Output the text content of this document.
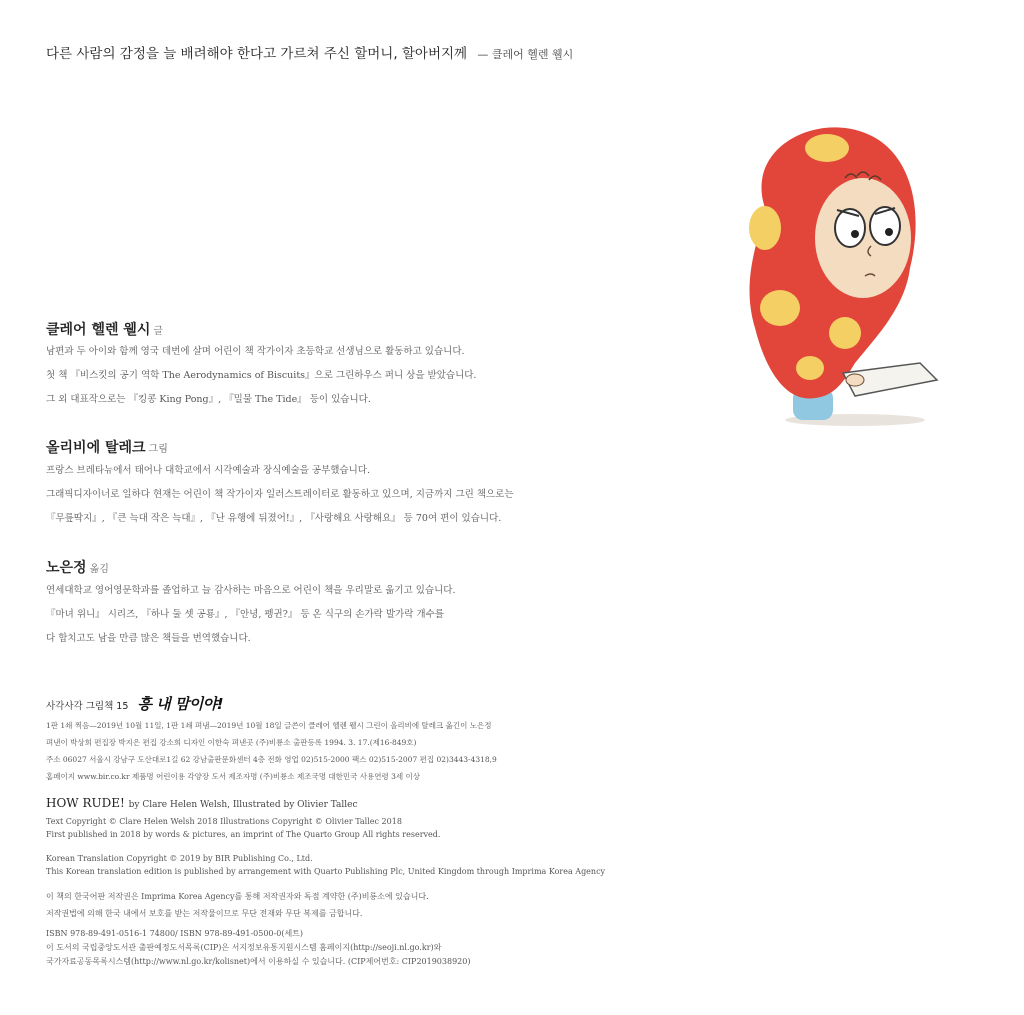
다른 사람의 감정을 늘 배려해야 한다고 가르쳐 주신 할머니, 할아버지께 — 클레어 헬렌 웰시
클레어 헬렌 웰시 글

남편과 두 아이와 함께 영국 데번에 살며 어린이 책 작가이자 초등학교 선생님으로 활동하고 있습니다.

첫 책 『비스킷의 공기 역학 The Aerodynamics of Biscuits』으로 그린하우스 퍼니 상을 받았습니다.

그 외 대표작으로는 『킹콩 King Pong』, 『밀물 The Tide』 등이 있습니다.

올리비에 탈레크 그림

프랑스 브레타뉴에서 태어나 대학교에서 시각예술과 장식예술을 공부했습니다.

그래픽디자이너로 일하다 현재는 어린이 책 작가이자 일러스트레이터로 활동하고 있으며, 지금까지 그린 책으로는

『무릎딱지』, 『큰 늑대 작은 늑대』, 『난 유행에 뒤졌어!』, 『사랑해요 사랑해요』 등 70여 편이 있습니다.

노은정 옮김

연세대학교 영어영문학과를 졸업하고 늘 감사하는 마음으로 어린이 책을 우리말로 옮기고 있습니다.

『마녀 위니』 시리즈, 『하나 둘 셋 공룡』, 『안녕, 펭귄?』 등 온 식구의 손가락 발가락 개수를

다 합치고도 남을 만큼 많은 책들을 번역했습니다.

사각사각 그림책 15 흥 내 맘이야!

1판 1쇄 찍음—2019년 10월 11일, 1판 1쇄 펴냄—2019년 10월 18일 글쓴이 클레어 헬렌 웰시 그린이 올리비에 탈레크 옮긴이 노은정

펴낸이 박상희 편집장 박지은 편집 강소희 디자인 이한숙 펴낸곳 (주)비룡소 출판등록 1994. 3. 17.(제16-849호)

주소 06027 서울시 강남구 도산대로1길 62 강남출판문화센터 4층 전화 영업 02)515-2000 팩스 02)515-2007 편집 02)3443-4318,9

홈페이지 www.bir.co.kr 제품명 어린이용 각양장 도서 제조자명 (주)비룡소 제조국명 대한민국 사용연령 3세 이상

HOW RUDE! by Clare Helen Welsh, Illustrated by Olivier Tallec

Text Copyright © Clare Helen Welsh 2018 Illustrations Copyright © Olivier Tallec 2018

First published in 2018 by words & pictures, an imprint of The Quarto Group All rights reserved.

Korean Translation Copyright © 2019 by BIR Publishing Co., Ltd.

This Korean translation edition is published by arrangement with Quarto Publishing Plc, United Kingdom through Imprima Korea Agency

이 책의 한국어판 저작권은 Imprima Korea Agency를 통해 저작권자와 독점 계약한 (주)비룡소에 있습니다.

저작권법에 의해 한국 내에서 보호를 받는 저작물이므로 무단 전재와 무단 복제를 금합니다.

ISBN 978-89-491-0516-1 74800/ ISBN 978-89-491-0500-0(세트)

이 도서의 국립중앙도서관 출판예정도서목록(CIP)은 서지정보유통지원시스템 홈페이지(http://seoji.nl.go.kr)와

국가자료공동목록시스템(http://www.nl.go.kr/kolisnet)에서 이용하실 수 있습니다. (CIP제어번호: CIP2019038920)
